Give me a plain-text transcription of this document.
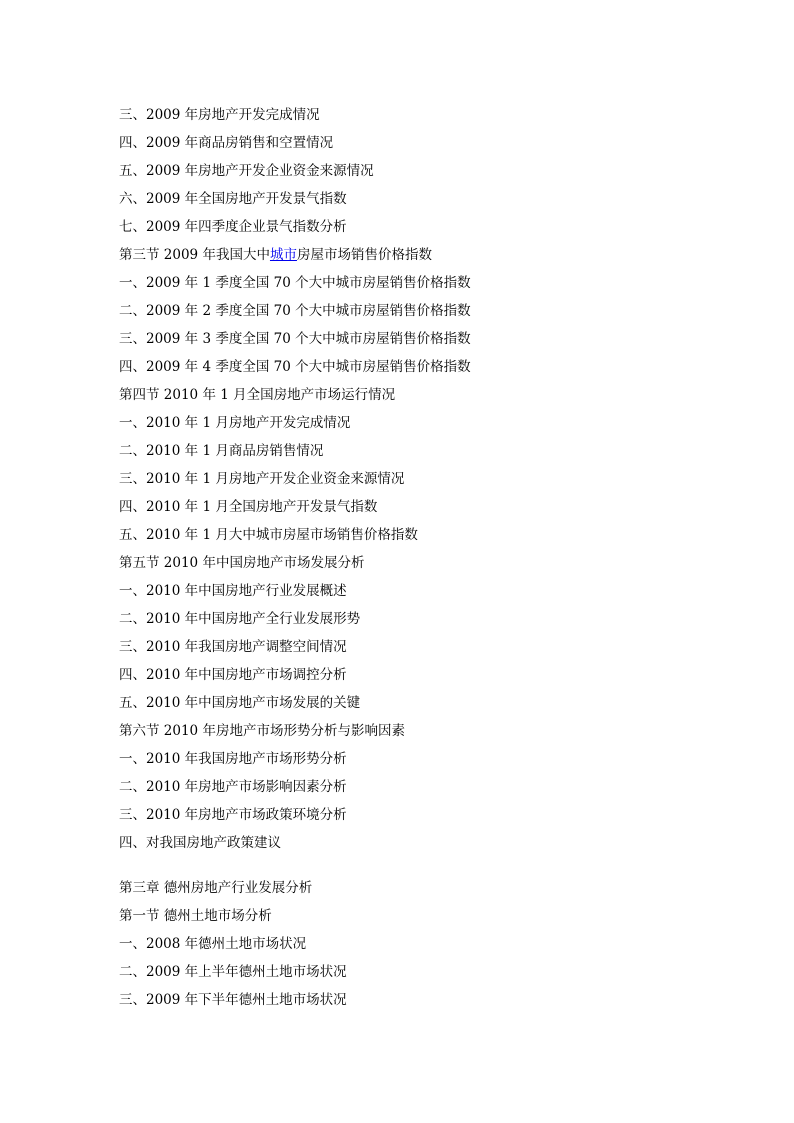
三、2009 年房地产开发完成情况
四、2009 年商品房销售和空置情况
五、2009 年房地产开发企业资金来源情况
六、2009 年全国房地产开发景气指数
七、2009 年四季度企业景气指数分析
第三节 2009 年我国大中城市房屋市场销售价格指数
一、2009 年 1 季度全国 70 个大中城市房屋销售价格指数
二、2009 年 2 季度全国 70 个大中城市房屋销售价格指数
三、2009 年 3 季度全国 70 个大中城市房屋销售价格指数
四、2009 年 4 季度全国 70 个大中城市房屋销售价格指数
第四节 2010 年 1 月全国房地产市场运行情况
一、2010 年 1 月房地产开发完成情况
二、2010 年 1 月商品房销售情况
三、2010 年 1 月房地产开发企业资金来源情况
四、2010 年 1 月全国房地产开发景气指数
五、2010 年 1 月大中城市房屋市场销售价格指数
第五节 2010 年中国房地产市场发展分析
一、2010 年中国房地产行业发展概述
二、2010 年中国房地产全行业发展形势
三、2010 年我国房地产调整空间情况
四、2010 年中国房地产市场调控分析
五、2010 年中国房地产市场发展的关键
第六节 2010 年房地产市场形势分析与影响因素
一、2010 年我国房地产市场形势分析
二、2010 年房地产市场影响因素分析
三、2010 年房地产市场政策环境分析
四、对我国房地产政策建议
第三章 德州房地产行业发展分析
第一节 德州土地市场分析
一、2008 年德州土地市场状况
二、2009 年上半年德州土地市场状况
三、2009 年下半年德州土地市场状况
